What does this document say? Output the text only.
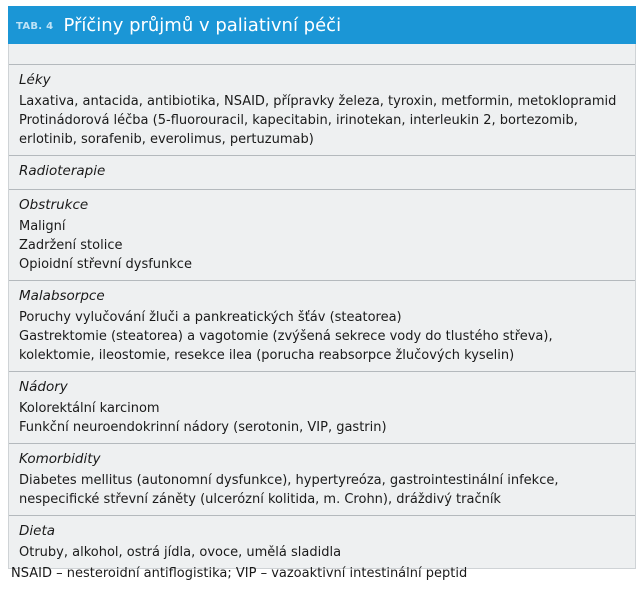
TAB. 4 Příčiny průjmů v paliativní péči
Léky
Laxativa, antacida, antibiotika, NSAID, přípravky železa, tyroxin, metformin, metoklopramid
Protinádorová léčba (5-fluorouracil, kapecitabin, irinotekan, interleukin 2, bortezomib,
erlotinib, sorafenib, everolimus, pertuzumab)
Radioterapie
Obstrukce
Maligní
Zadržení stolice
Opioidní střevní dysfunkce
Malabsorpce
Poruchy vylučování žluči a pankreatických šťáv (steatorea)
Gastrektomie (steatorea) a vagotomie (zvýšená sekrece vody do tlustého střeva),
kolektomie, ileostomie, resekce ilea (porucha reabsorpce žlučových kyselin)
Nádory
Kolorektální karcinom
Funkční neuroendokrinní nádory (serotonin, VIP, gastrin)
Komorbidity
Diabetes mellitus (autonomní dysfunkce), hypertyreóza, gastrointestinální infekce,
nespecifické střevní záněty (ulcerózní kolitida, m. Crohn), dráždivý tračník
Dieta
Otruby, alkohol, ostrá jídla, ovoce, umělá sladidla
NSAID – nesteroidní antiflogistika; VIP – vazoaktivní intestinální peptid
